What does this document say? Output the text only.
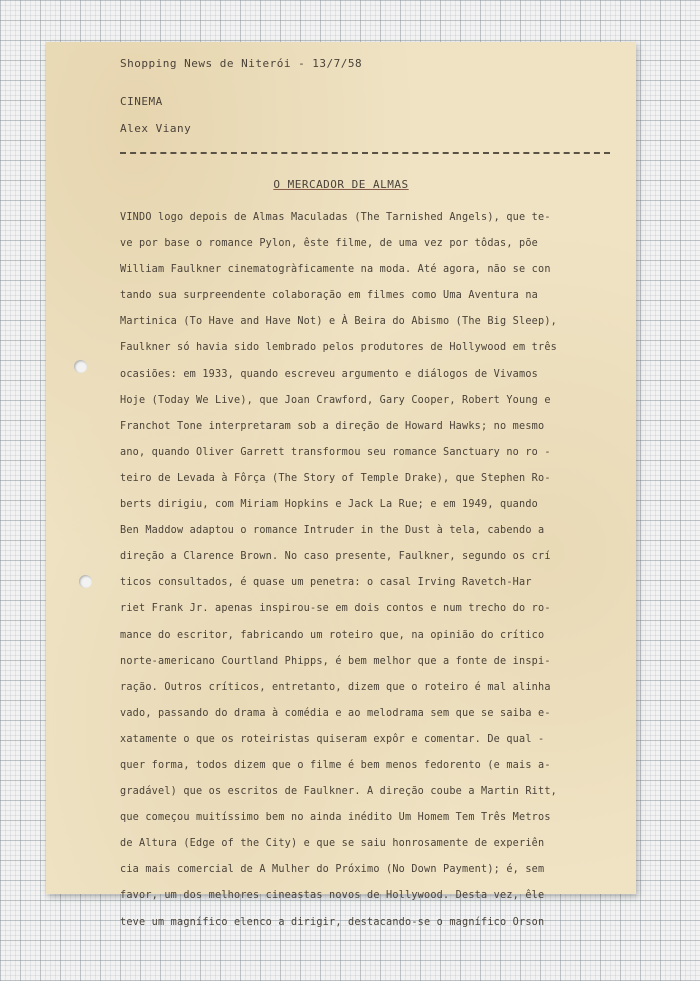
Shopping News de Niterói - 13/7/58
CINEMA
Alex Viany
O MERCADOR DE ALMAS
VINDO logo depois de Almas Maculadas (The Tarnished Angels), que te-
ve por base o romance Pylon, êste filme, de uma vez por tôdas, põe
William Faulkner cinematogràficamente na moda. Até agora, não se con
tando sua surpreendente colaboração em filmes como Uma Aventura na
Martinica (To Have and Have Not) e À Beira do Abismo (The Big Sleep),
Faulkner só havia sido lembrado pelos produtores de Hollywood em três
ocasiões: em 1933, quando escreveu argumento e diálogos de Vivamos
Hoje (Today We Live), que Joan Crawford, Gary Cooper, Robert Young e
Franchot Tone interpretaram sob a direção de Howard Hawks; no mesmo
ano, quando Oliver Garrett transformou seu romance Sanctuary no ro -
teiro de Levada à Fôrça (The Story of Temple Drake), que Stephen Ro-
berts dirigiu, com Miriam Hopkins e Jack La Rue; e em 1949, quando
Ben Maddow adaptou o romance Intruder in the Dust à tela, cabendo a
direção a Clarence Brown. No caso presente, Faulkner, segundo os crí
ticos consultados, é quase um penetra: o casal Irving Ravetch-Har
riet Frank Jr. apenas inspirou-se em dois contos e num trecho do ro-
mance do escritor, fabricando um roteiro que, na opinião do crítico
norte-americano Courtland Phipps, é bem melhor que a fonte de inspi-
ração. Outros críticos, entretanto, dizem que o roteiro é mal alinha
vado, passando do drama à comédia e ao melodrama sem que se saiba e-
xatamente o que os roteiristas quiseram expôr e comentar. De qual -
quer forma, todos dizem que o filme é bem menos fedorento (e mais a-
gradável) que os escritos de Faulkner. A direção coube a Martin Ritt,
que começou muitíssimo bem no ainda inédito Um Homem Tem Três Metros
de Altura (Edge of the City) e que se saiu honrosamente de experiên
cia mais comercial de A Mulher do Próximo (No Down Payment); é, sem
favor, um dos melhores cineastas novos de Hollywood. Desta vez, êle
teve um magnífico elenco a dirigir, destacando-se o magnífico Orson
